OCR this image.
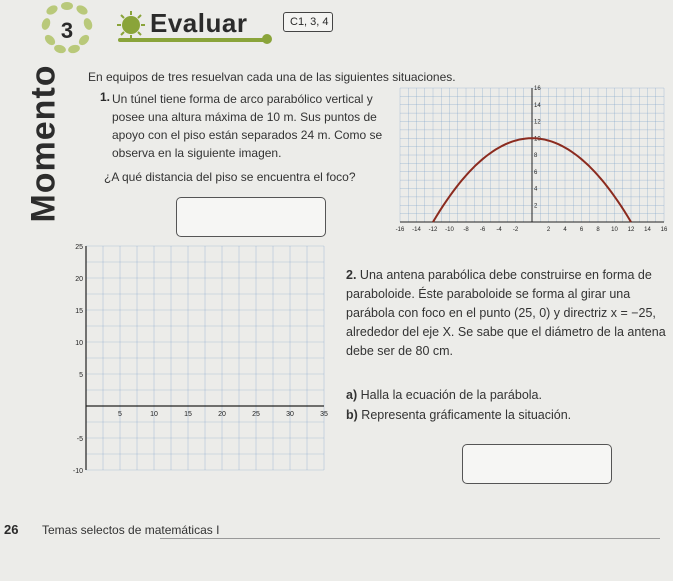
3	Evaluar	C1, 3, 4
Momento En equipos de tres resuelvan cada una de las siguientes situaciones.
1. Un túnel tiene forma de arco parabólico vertical y posee una altura máxima de 10 m. Sus puntos de apoyo con el piso están separados 24 m. Como se observa en la siguiente imagen.
¿A qué distancia del piso se encuentra el foco?
-16 -14 -12 -10 -8 -6 -4 -2	2 4 6 8 10 12 14 16
2
4
6
8
10
12
14
16
5	10	15	20	25	30	35
-10
-5
5
10
15
20
25
2. Una antena parabólica debe construirse en forma de paraboloide. Éste paraboloide se forma al girar una parábola con foco en el punto (25, 0) y directriz x = −25, alrededor del eje X. Se sabe que el diámetro de la antena debe ser de 80 cm.
a) Halla la ecuación de la parábola.
b) Representa gráficamente la situación.
26 Temas selectos de matemáticas I
